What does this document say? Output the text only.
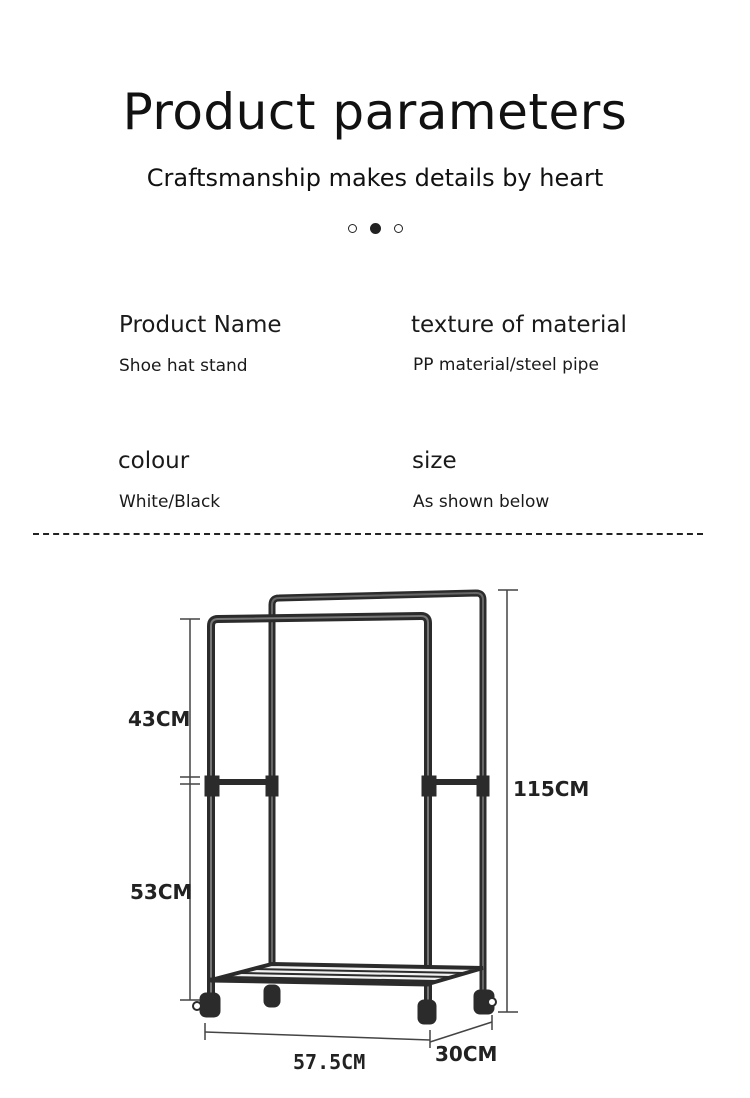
Product parameters
Craftsmanship makes details by heart
Product Name
Shoe hat stand
texture of material
PP material/steel pipe
colour
White/Black
size
As shown below
43CM
53CM
115CM
57.5CM	30CM
